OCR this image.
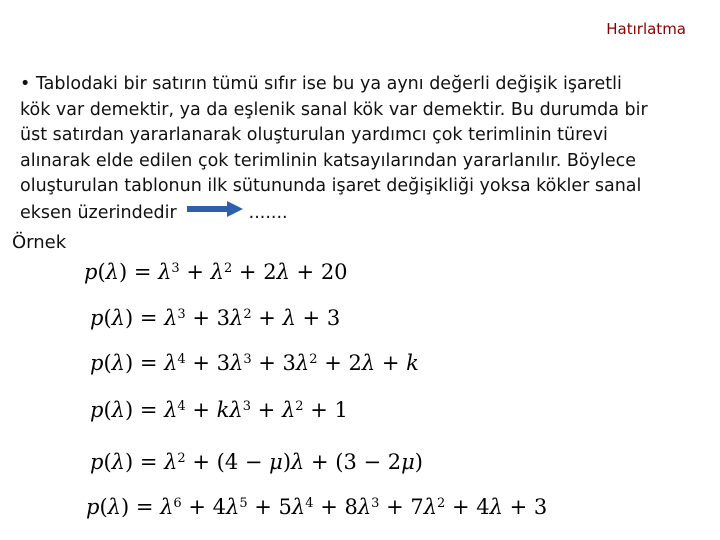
Hatırlatma
• Tablodaki bir satırın tümü sıfır ise bu ya aynı değerli değişik işaretli
kök var demektir, ya da eşlenik sanal kök var demektir. Bu durumda bir
üst satırdan yararlanarak oluşturulan yardımcı çok terimlinin türevi
alınarak elde edilen çok terimlinin katsayılarından yararlanılır. Böylece
oluşturulan tablonun ilk sütununda işaret değişikliği yoksa kökler sanal
eksen üzerindedir	.......
Örnek
$p(\lambda) = \lambda^3 + \lambda^2 + 2\lambda + 20$
$p(\lambda) = \lambda^3 + 3\lambda^2 + \lambda + 3$
$p(\lambda) = \lambda^4 + 3\lambda^3 + 3\lambda^2 + 2\lambda + k$
$p(\lambda) = \lambda^4 + k\lambda^3 + \lambda^2 + 1$
$p(\lambda) = \lambda^2 + (4 - \mu)\lambda + (3 - 2\mu)$
$p(\lambda) = \lambda^6 + 4\lambda^5 + 5\lambda^4 + 8\lambda^3 + 7\lambda^2 + 4\lambda + 3$
